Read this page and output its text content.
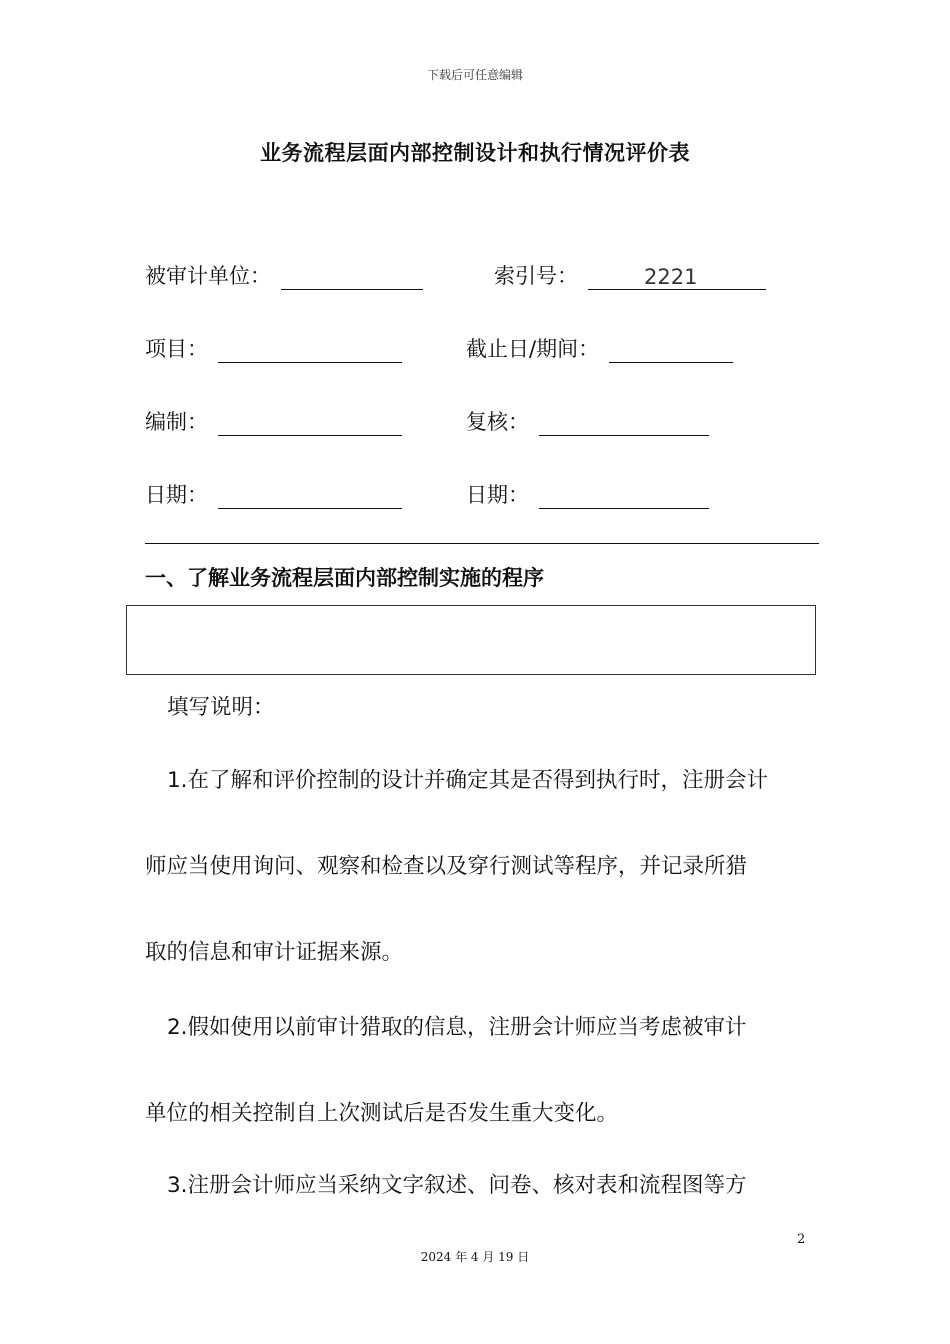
下载后可任意编辑
业务流程层面内部控制设计和执行情况评价表
被审计单位：	索引号：	2221
项目：	截止日/期间：
编制：	复核：
日期：	日期：
一、了解业务流程层面内部控制实施的程序
填写说明：
1.在了解和评价控制的设计并确定其是否得到执行时，注册会计
师应当使用询问、观察和检查以及穿行测试等程序，并记录所猎
取的信息和审计证据来源。
2.假如使用以前审计猎取的信息，注册会计师应当考虑被审计
单位的相关控制自上次测试后是否发生重大变化。
3.注册会计师应当采纳文字叙述、问卷、核对表和流程图等方
2
2024 年 4 月 19 日
